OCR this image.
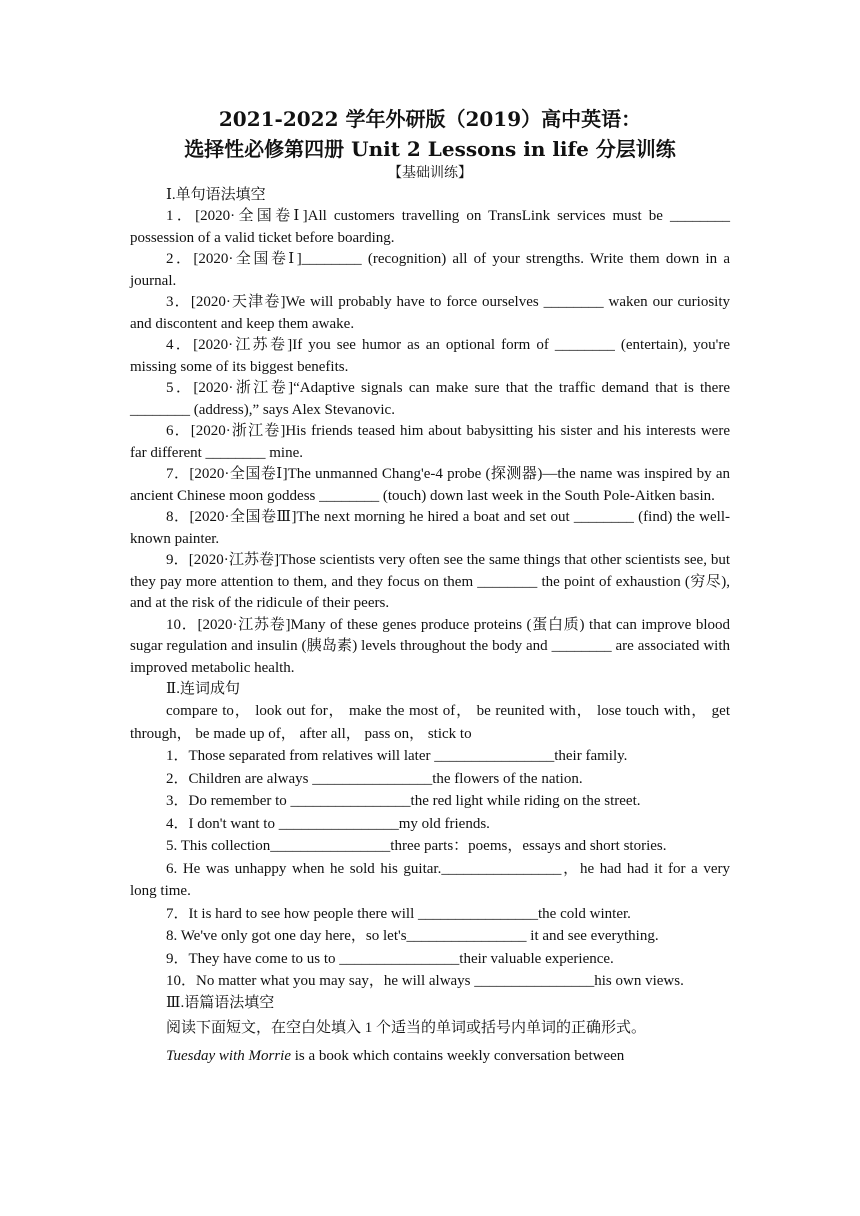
2021-2022 学年外研版（2019）高中英语：

选择性必修第四册 Unit 2 Lessons in life 分层训练

【基础训练】

Ⅰ.单句语法填空

1．[2020·全国卷Ⅰ]All customers travelling on TransLink services must be ________ possession of a valid ticket before boarding.

2．[2020·全国卷Ⅰ]________ (recognition) all of your strengths. Write them down in a journal.

3．[2020·天津卷]We will probably have to force ourselves ________ waken our curiosity and discontent and keep them awake.

4．[2020·江苏卷]If you see humor as an optional form of ________ (entertain), you're missing some of its biggest benefits.

5．[2020·浙江卷]“Adaptive signals can make sure that the traffic demand that is there ________ (address),” says Alex Stevanovic.

6．[2020·浙江卷]His friends teased him about babysitting his sister and his interests were far different ________ mine.

7．[2020·全国卷Ⅰ]The unmanned Chang'e-4 probe (探测器)—the name was inspired by an ancient Chinese moon goddess ________ (touch) down last week in the South Pole-Aitken basin.

8．[2020·全国卷Ⅲ]The next morning he hired a boat and set out ________ (find) the well-known painter.

9．[2020·江苏卷]Those scientists very often see the same things that other scientists see, but they pay more attention to them, and they focus on them ________ the point of exhaustion (穷尽), and at the risk of the ridicule of their peers.

10．[2020·江苏卷]Many of these genes produce proteins (蛋白质) that can improve blood sugar regulation and insulin (胰岛素) levels throughout the body and ________ are associated with improved metabolic health.

Ⅱ.连词成句

compare to， look out for， make the most of， be reunited with， lose touch with， get through， be made up of， after all， pass on， stick to

1．Those separated from relatives will later ________________their family.

2．Children are always ________________the flowers of the nation.

3．Do remember to ________________the red light while riding on the street.

4．I don't want to ________________my old friends.

5. This collection________________three parts：poems，essays and short stories.

6. He was unhappy when he sold his guitar.________________，he had had it for a very long time.

7．It is hard to see how people there will ________________the cold winter.

8. We've only got one day here，so let's________________ it and see everything.

9．They have come to us to ________________their valuable experience.

10．No matter what you may say，he will always ________________his own views.

Ⅲ.语篇语法填空

阅读下面短文，在空白处填入 1 个适当的单词或括号内单词的正确形式。

Tuesday with Morrie is a book which contains weekly conversation between
